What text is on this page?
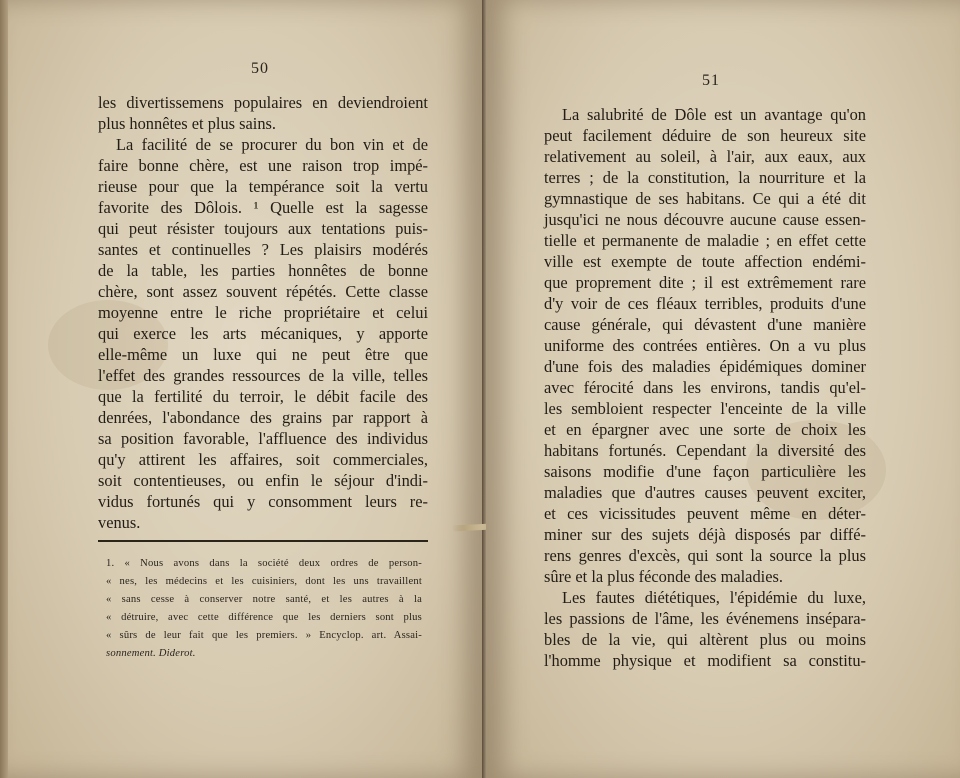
50
les divertissemens populaires en deviendroient
plus honnêtes et plus sains.
La facilité de se procurer du bon vin et de
faire bonne chère, est une raison trop impé-
rieuse pour que la tempérance soit la vertu
favorite des Dôlois. ¹ Quelle est la sagesse
qui peut résister toujours aux tentations puis-
santes et continuelles ? Les plaisirs modérés
de la table, les parties honnêtes de bonne
chère, sont assez souvent répétés. Cette classe
moyenne entre le riche propriétaire et celui
qui exerce les arts mécaniques, y apporte
elle-même un luxe qui ne peut être que
l'effet des grandes ressources de la ville, telles
que la fertilité du terroir, le débit facile des
denrées, l'abondance des grains par rapport à
sa position favorable, l'affluence des individus
qu'y attirent les affaires, soit commerciales,
soit contentieuses, ou enfin le séjour d'indi-
vidus fortunés qui y consomment leurs re-
venus.
1. « Nous avons dans la société deux ordres de person-
« nes, les médecins et les cuisiniers, dont les uns travaillent
« sans cesse à conserver notre santé, et les autres à la
« détruire, avec cette différence que les derniers sont plus
« sûrs de leur fait que les premiers. » Encyclop. art. Assai-
sonnement. Diderot.
51
La salubrité de Dôle est un avantage qu'on
peut facilement déduire de son heureux site
relativement au soleil, à l'air, aux eaux, aux
terres ; de la constitution, la nourriture et la
gymnastique de ses habitans. Ce qui a été dit
jusqu'ici ne nous découvre aucune cause essen-
tielle et permanente de maladie ; en effet cette
ville est exempte de toute affection endémi-
que proprement dite ; il est extrêmement rare
d'y voir de ces fléaux terribles, produits d'une
cause générale, qui dévastent d'une manière
uniforme des contrées entières. On a vu plus
d'une fois des maladies épidémiques dominer
avec férocité dans les environs, tandis qu'el-
les sembloient respecter l'enceinte de la ville
et en épargner avec une sorte de choix les
habitans fortunés. Cependant la diversité des
saisons modifie d'une façon particulière les
maladies que d'autres causes peuvent exciter,
et ces vicissitudes peuvent même en déter-
miner sur des sujets déjà disposés par diffé-
rens genres d'excès, qui sont la source la plus
sûre et la plus féconde des maladies.
Les fautes diététiques, l'épidémie du luxe,
les passions de l'âme, les événemens insépara-
bles de la vie, qui altèrent plus ou moins
l'homme physique et modifient sa constitu-
